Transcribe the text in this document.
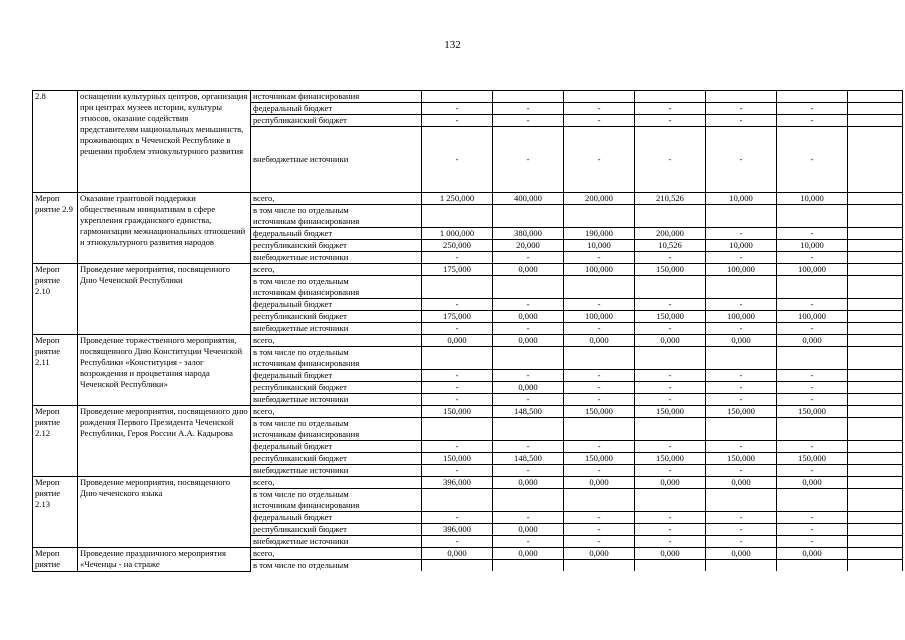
132
2.8	оснащении культурных центров, организация при центрах музеев истории, культуры этносов, оказание содействия представителям национальных меньшинств, проживающих в Чеченской Республике в решении проблем этнокультурного развития	источникам финансирования							
		федеральный бюджет	-	-	-	-	-	-	
		республиканский бюджет	-	-	-	-	-	-	
		внебюджетные источники	-	-	-	-	-	-	
Мероп риятие 2.9	Оказание грантовой поддержки общественным инициативам в сфере укрепления гражданского единства, гармонизации межнациональных отношений и этнокультурного развития народов	всего,	1 250,000	400,000	200,000	210,526	10,000	10,000	
		в том числе по отдельным							
		источникам финансирования							
		федеральный бюджет	1 000,000	380,000	190,000	200,000	-	-	
		республиканский бюджет	250,000	20,000	10,000	10,526	10,000	10,000	
		внебюджетные источники	-	-	-	-	-	-	
Мероп риятие 2.10	Проведение мероприятия, посвященного Дню Чеченской Республики	всего,	175,000	0,000	100,000	150,000	100,000	100,000	
		в том числе по отдельным							
		источникам финансирования							
		федеральный бюджет	-	-	-	-	-	-	
		республиканский бюджет	175,000	0,000	100,000	150,000	100,000	100,000	
		внебюджетные источники	-	-	-	-	-	-	
Мероп риятие 2.11	Проведение торжественного мероприятия, посвященного Дню Конституции Чеченской Республики «Конституция - залог возрождения и процветания народа Чеченской Республики»	всего,	0,000	0,000	0,000	0,000	0,000	0,000	
		в том числе по отдельным							
		источникам финансирования							
		федеральный бюджет	-	-	-	-	-	-	
		республиканский бюджет	-	0,000	-	-	-	-	
		внебюджетные источники	-	-	-	-	-	-	
Мероп риятие 2.12	Проведение мероприятия, посвященного дню рождения Первого Президента Чеченской Республики, Героя России А.А. Кадырова	всего,	150,000	148,500	150,000	150,000	150,000	150,000	
		в том числе по отдельным							
		источникам финансирования							
		федеральный бюджет	-	-	-	-	-	-	
		республиканский бюджет	150,000	148,500	150,000	150,000	150,000	150,000	
		внебюджетные источники	-	-	-	-	-	-	
Мероп риятие 2.13	Проведение мероприятия, посвященного Дню чеченского языка	всего,	396,000	0,000	0,000	0,000	0,000	0,000	
		в том числе по отдельным							
		источникам финансирования							
		федеральный бюджет	-	-	-	-	-	-	
		республиканский бюджет	396,000	0,000	-	-	-	-	
		внебюджетные источники	-	-	-	-	-	-	
Мероп риятие	Проведение праздничного мероприятия «Чеченцы - на страже	всего,	0,000	0,000	0,000	0,000	0,000	0,000	
		в том числе по отдельным							
